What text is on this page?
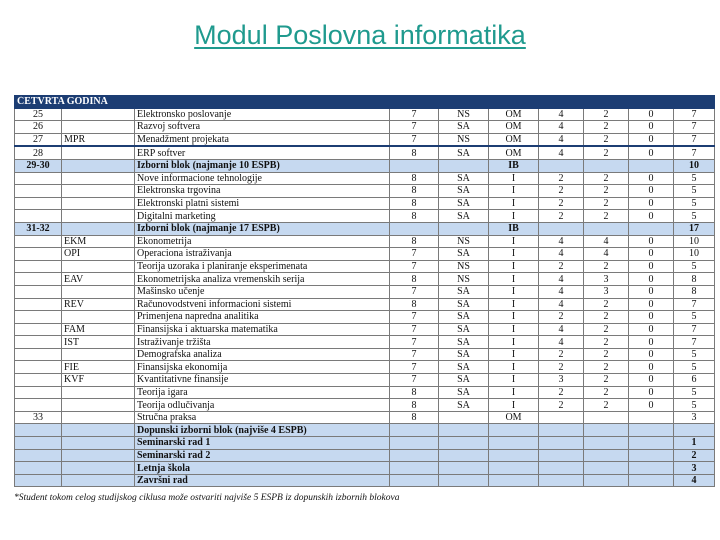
Modul Poslovna informatika
ČETVRTA GODINA									
25		Elektronsko poslovanje	7	NS	OM	4	2	0	7
26		Razvoj softvera	7	SA	OM	4	2	0	7
27	MPR	Menadžment projekata	7	NS	OM	4	2	0	7
28		ERP softver	8	SA	OM	4	2	0	7
29-30		Izborni blok (najmanje 10 ESPB)			IB				10
		Nove informacione tehnologije	8	SA	I	2	2	0	5
		Elektronska trgovina	8	SA	I	2	2	0	5
		Elektronski platni sistemi	8	SA	I	2	2	0	5
		Digitalni marketing	8	SA	I	2	2	0	5
31-32		Izborni blok (najmanje 17 ESPB)			IB				17
	EKM	Ekonometrija	8	NS	I	4	4	0	10
	OPI	Operaciona istraživanja	7	SA	I	4	4	0	10
		Teorija uzoraka i planiranje eksperimenata	7	NS	I	2	2	0	5
	EAV	Ekonometrijska analiza vremenskih serija	8	NS	I	4	3	0	8
		Mašinsko učenje	7	SA	I	4	3	0	8
	REV	Računovodstveni informacioni sistemi	8	SA	I	4	2	0	7
		Primenjena napredna analitika	7	SA	I	2	2	0	5
	FAM	Finansijska i aktuarska matematika	7	SA	I	4	2	0	7
	IST	Istraživanje tržišta	7	SA	I	4	2	0	7
		Demografska analiza	7	SA	I	2	2	0	5
	FIE	Finansijska ekonomija	7	SA	I	2	2	0	5
	KVF	Kvantitativne finansije	7	SA	I	3	2	0	6
		Teorija igara	8	SA	I	2	2	0	5
		Teorija odlučivanja	8	SA	I	2	2	0	5
33		Stručna praksa	8		OM				3
		Dopunski izborni blok (najviše 4 ESPB)							
		Seminarski rad 1							1
		Seminarski rad 2							2
		Letnja škola							3
		Završni rad							4
*Student tokom celog studijskog ciklusa može ostvariti najviše 5 ESPB iz dopunskih izbornih blokova
